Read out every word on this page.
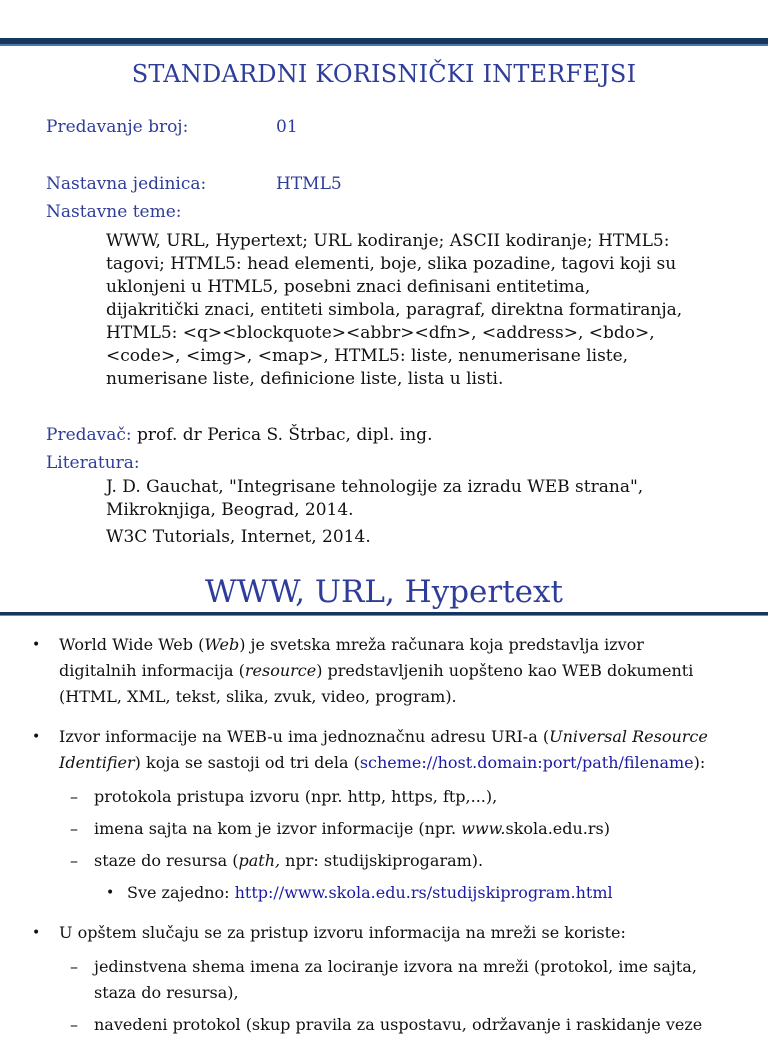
STANDARDNI KORISNIČKI INTERFEJSI
Predavanje broj:	01
Nastavna jedinica:	HTML5
Nastavne teme:
WWW, URL, Hypertext; URL kodiranje; ASCII kodiranje; HTML5:
tagovi; HTML5: head elementi, boje, slika pozadine, tagovi koji su
uklonjeni u HTML5, posebni znaci definisani entitetima,
dijakritički znaci, entiteti simbola, paragraf, direktna formatiranja,
HTML5: <q><blockquote><abbr><dfn>, <address>, <bdo>,
<code>, <img>, <map>, HTML5: liste, nenumerisane liste,
numerisane liste, definicione liste, lista u listi.
Predavač: prof. dr Perica S. Štrbac, dipl. ing.
Literatura:
J. D. Gauchat, "Integrisane tehnologije za izradu WEB strana",
Mikroknjiga, Beograd, 2014.
W3C Tutorials, Internet, 2014.
WWW, URL, Hypertext
• World Wide Web (Web) je svetska mreža računara koja predstavlja izvor
digitalnih informacija (resource) predstavljenih uopšteno kao WEB dokumenti
(HTML, XML, tekst, slika, zvuk, video, program).
• Izvor informacije na WEB-u ima jednoznačnu adresu URI-a (Universal Resource
Identifier) koja se sastoji od tri dela (scheme://host.domain:port/path/filename):
– protokola pristupa izvoru (npr. http, https, ftp,...),
– imena sajta na kom je izvor informacije (npr. www.skola.edu.rs)
– staze do resursa (path, npr: studijskiprogaram).
• Sve zajedno: http://www.skola.edu.rs/studijskiprogram.html
• U opštem slučaju se za pristup izvoru informacija na mreži se koriste:
– jedinstvena shema imena za lociranje izvora na mreži (protokol, ime sajta,
staza do resursa),
– navedeni protokol (skup pravila za uspostavu, održavanje i raskidanje veze
